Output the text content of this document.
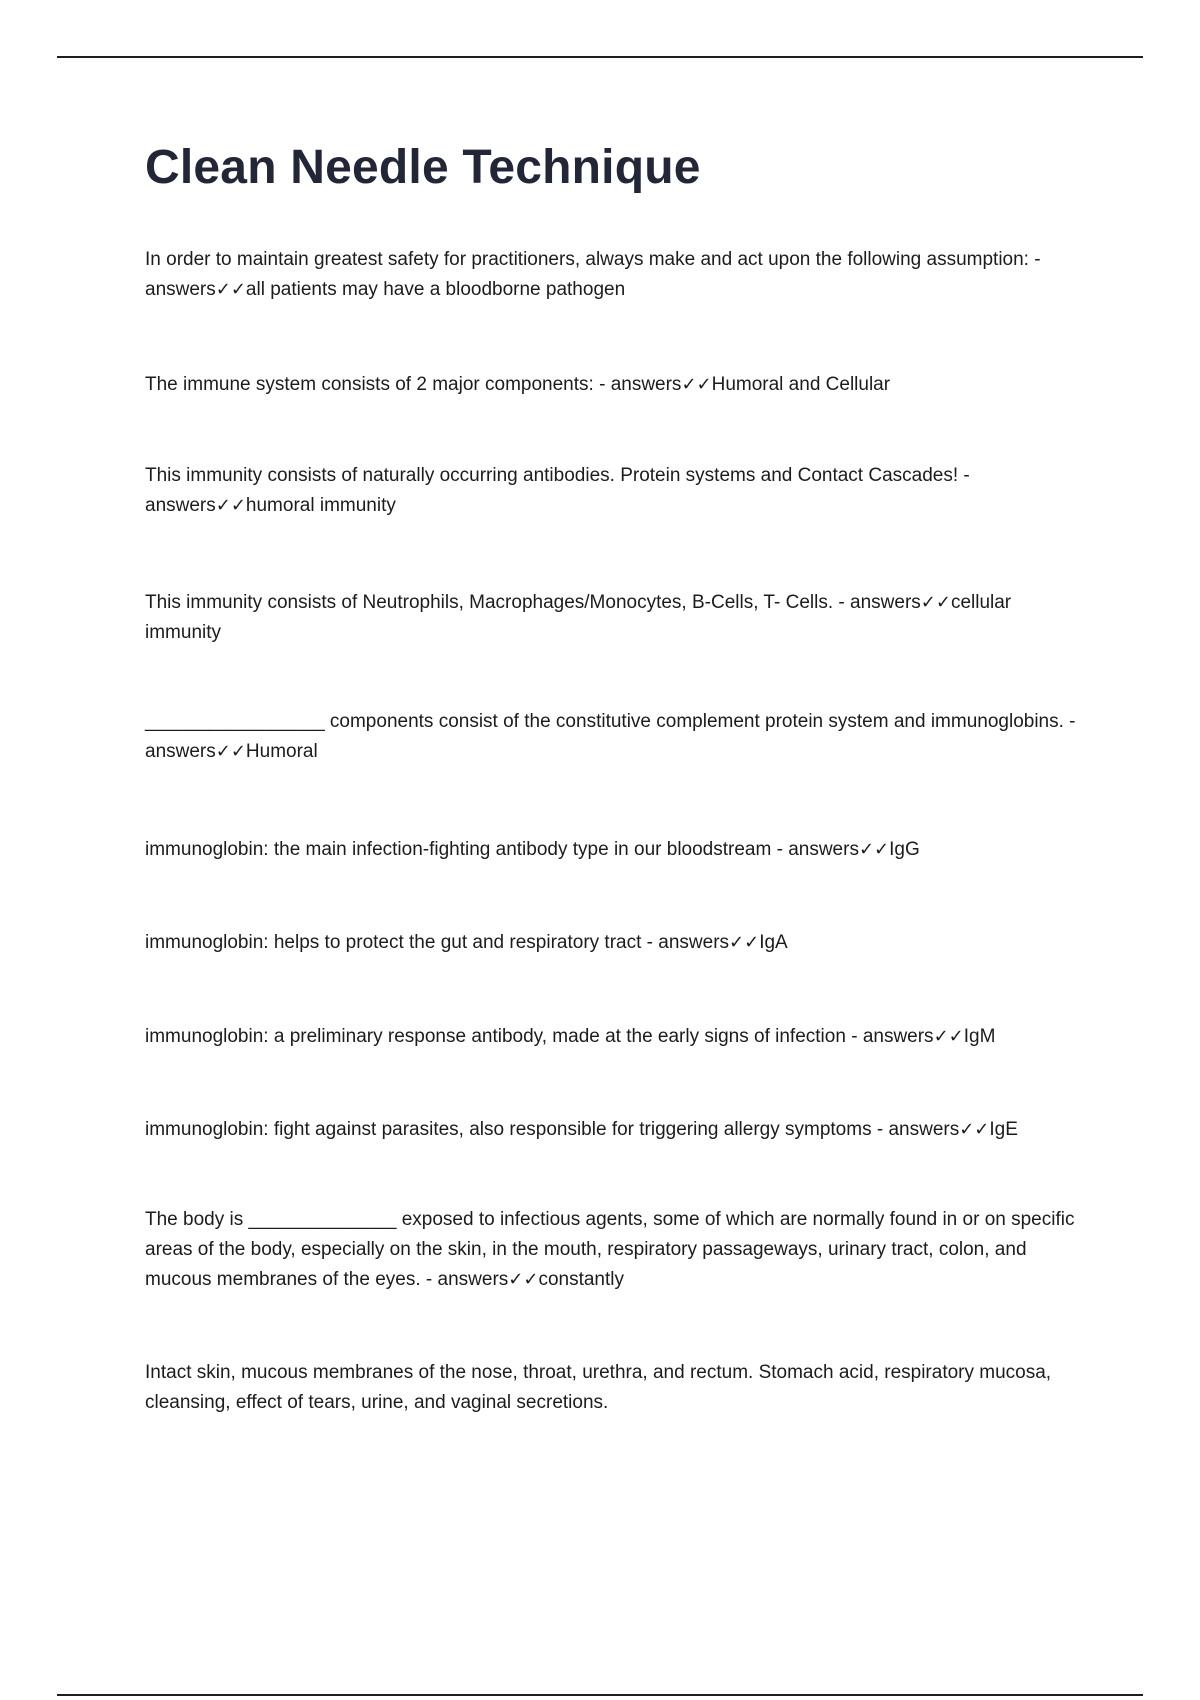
Clean Needle Technique

In order to maintain greatest safety for practitioners, always make and act upon the following assumption: - answers✓✓all patients may have a bloodborne pathogen

The immune system consists of 2 major components: - answers✓✓Humoral and Cellular

This immunity consists of naturally occurring antibodies. Protein systems and Contact Cascades! - answers✓✓humoral immunity

This immunity consists of Neutrophils, Macrophages/Monocytes, B-Cells, T- Cells. - answers✓✓cellular immunity

_________________ components consist of the constitutive complement protein system and immunoglobins. - answers✓✓Humoral

immunoglobin: the main infection-fighting antibody type in our bloodstream - answers✓✓IgG

immunoglobin: helps to protect the gut and respiratory tract - answers✓✓IgA

immunoglobin: a preliminary response antibody, made at the early signs of infection - answers✓✓IgM

immunoglobin: fight against parasites, also responsible for triggering allergy symptoms - answers✓✓IgE

The body is ______________ exposed to infectious agents, some of which are normally found in or on specific areas of the body, especially on the skin, in the mouth, respiratory passageways, urinary tract, colon, and mucous membranes of the eyes. - answers✓✓constantly

Intact skin, mucous membranes of the nose, throat, urethra, and rectum. Stomach acid, respiratory mucosa, cleansing, effect of tears, urine, and vaginal secretions.
